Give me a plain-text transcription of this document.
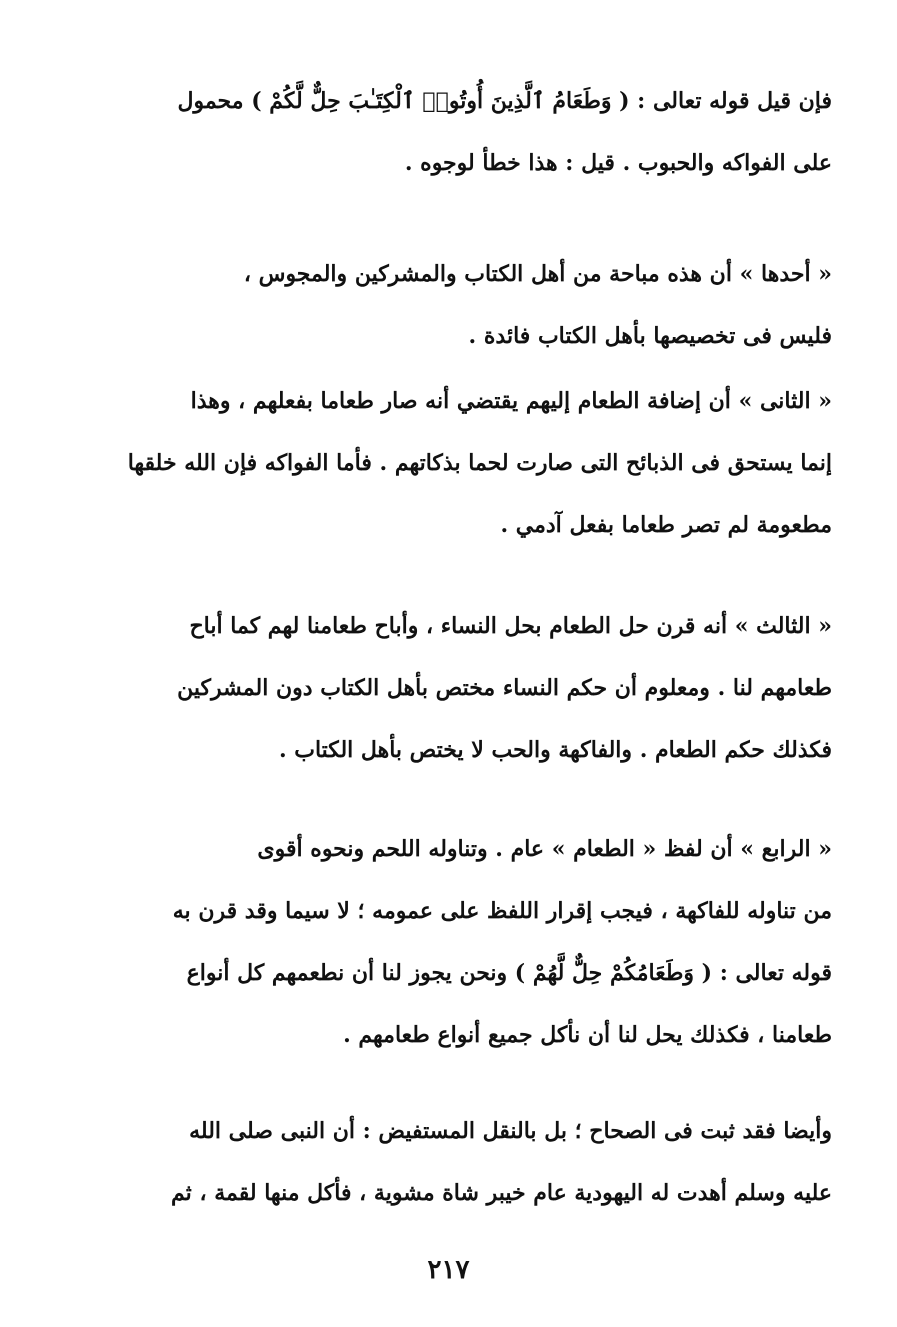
فإن قيل قوله تعالى : ( وَطَعَامُ ٱلَّذِينَ أُوتُوا۟ ٱلْكِتَـٰبَ حِلٌّ لَّكُمْ ) محمول
على الفواكه والحبوب . قيل : هذا خطأ لوجوه .
« أحدها » أن هذه مباحة من أهل الكتاب والمشركين والمجوس ،
فليس فى تخصيصها بأهل الكتاب فائدة .
« الثانى » أن إضافة الطعام إليهم يقتضي أنه صار طعاما بفعلهم ، وهذا
إنما يستحق فى الذبائح التى صارت لحما بذكاتهم . فأما الفواكه فإن الله خلقها
مطعومة لم تصر طعاما بفعل آدمي .
« الثالث » أنه قرن حل الطعام بحل النساء ، وأباح طعامنا لهم كما أباح
طعامهم لنا . ومعلوم أن حكم النساء مختص بأهل الكتاب دون المشركين
فكذلك حكم الطعام . والفاكهة والحب لا يختص بأهل الكتاب .
« الرابع » أن لفظ « الطعام » عام . وتناوله اللحم ونحوه أقوى
من تناوله للفاكهة ، فيجب إقرار اللفظ على عمومه ؛ لا سيما وقد قرن به
قوله تعالى : ( وَطَعَامُكُمْ حِلٌّ لَّهُمْ ) ونحن يجوز لنا أن نطعمهم كل أنواع
طعامنا ، فكذلك يحل لنا أن نأكل جميع أنواع طعامهم .
وأيضا فقد ثبت فى الصحاح ؛ بل بالنقل المستفيض : أن النبى صلى الله
عليه وسلم أهدت له اليهودية عام خيبر شاة مشوية ، فأكل منها لقمة ، ثم
٢١٧
